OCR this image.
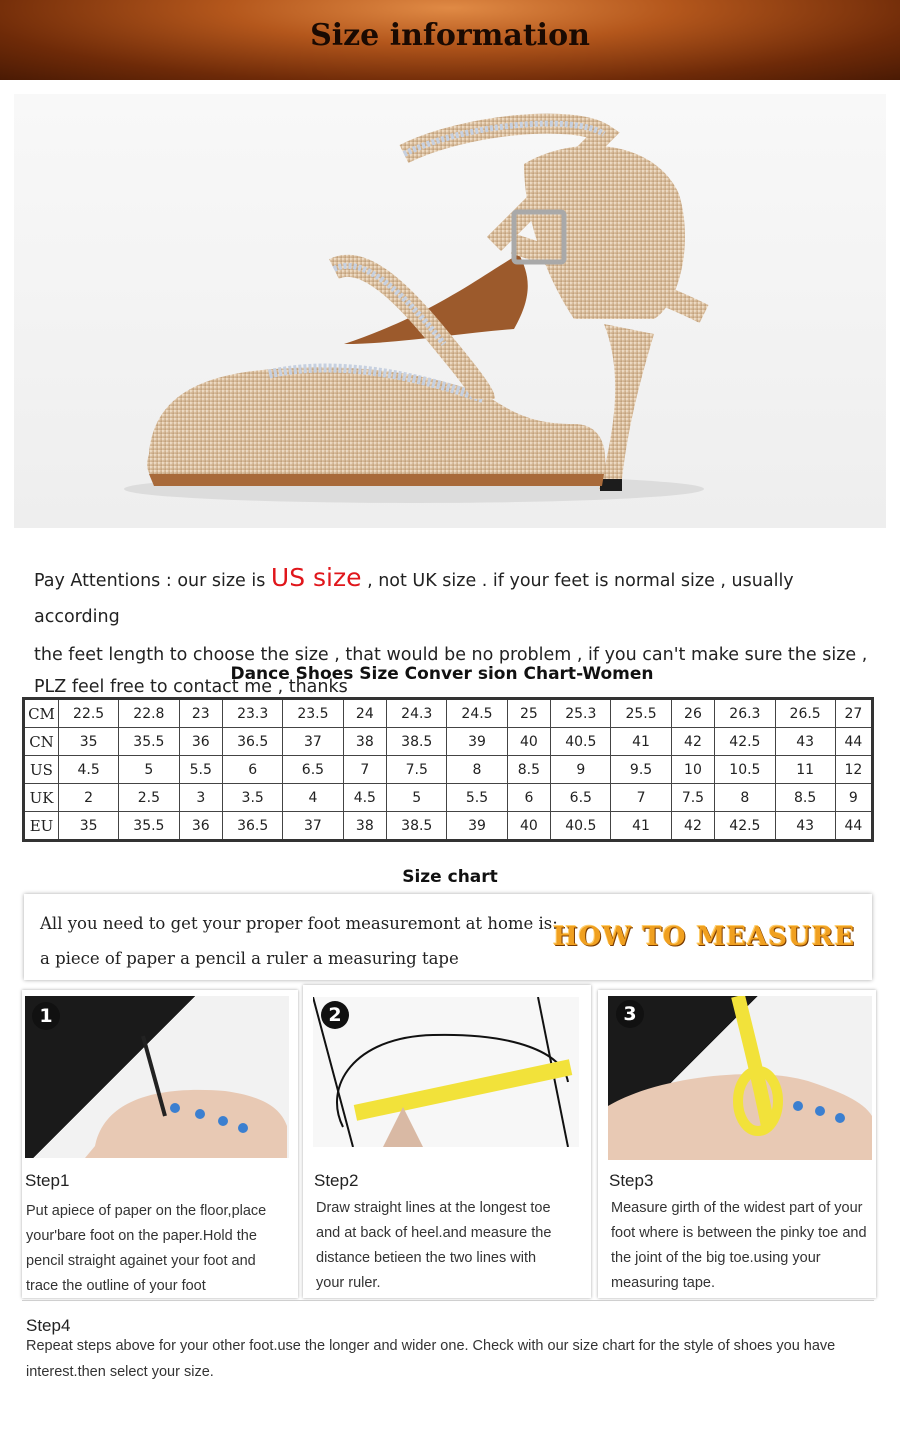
Size information
Pay Attentions : our size is US size , not UK size . if your feet is normal size , usually according
the feet length to choose the size , that would be no problem , if you can't make sure the size ,
PLZ feel free to contact me , thanks
Dance Shoes Size Conver sion Chart-Women
CM	22.5	22.8	23	23.3	23.5	24	24.3	24.5	25	25.3	25.5	26	26.3	26.5	27
CN	35	35.5	36	36.5	37	38	38.5	39	40	40.5	41	42	42.5	43	44
US	4.5	5	5.5	6	6.5	7	7.5	8	8.5	9	9.5	10	10.5	11	12
UK	2	2.5	3	3.5	4	4.5	5	5.5	6	6.5	7	7.5	8	8.5	9
EU	35	35.5	36	36.5	37	38	38.5	39	40	40.5	41	42	42.5	43	44
Size chart
All you need to get your proper foot measuremont at home is:
a piece of paper a pencil a ruler a measuring tape
HOW TO MEASURE
1
Step1
Put apiece of paper on the floor,place
your'bare foot on the paper.Hold the
pencil straight againet your foot and
trace the outline of your foot
2
Step2
Draw straight lines at the longest toe
and at back of heel.and measure the
distance betieen the two lines with
your ruler.
3
Step3
Measure girth of the widest part of your
foot where is between the pinky toe and
the joint of the big toe.using your
measuring tape.
Step4
Repeat steps above for your other foot.use the longer and wider one. Check with our size chart for the style of shoes you have
interest.then select your size.
